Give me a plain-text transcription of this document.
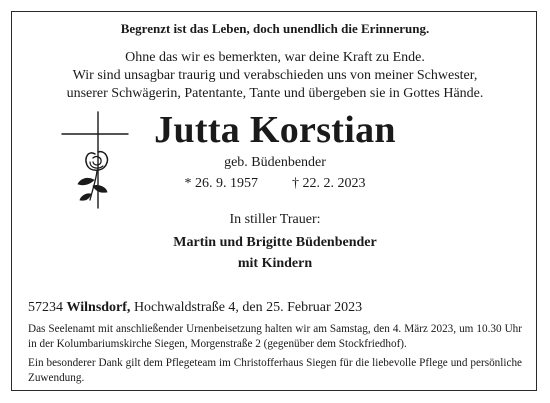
Begrenzt ist das Leben, doch unendlich die Erinnerung.
Ohne das wir es bemerkten, war deine Kraft zu Ende.
Wir sind unsagbar traurig und verabschieden uns von meiner Schwester,
unserer Schwägerin, Patentante, Tante und übergeben sie in Gottes Hände.
Jutta Korstian
geb. Büdenbender
* 26. 9. 1957 † 22. 2. 2023
In stiller Trauer:
Martin und Brigitte Büdenbender
mit Kindern
57234 Wilnsdorf, Hochwaldstraße 4, den 25. Februar 2023
Das Seelenamt mit anschließender Urnenbeisetzung halten wir am Samstag, den 4. März 2023, um 10.30 Uhr in der Kolumbariumskirche Siegen, Morgenstraße 2 (gegenüber dem Stockfriedhof).
Ein besonderer Dank gilt dem Pflegeteam im Christofferhaus Siegen für die liebevolle Pflege und persönliche Zuwendung.
